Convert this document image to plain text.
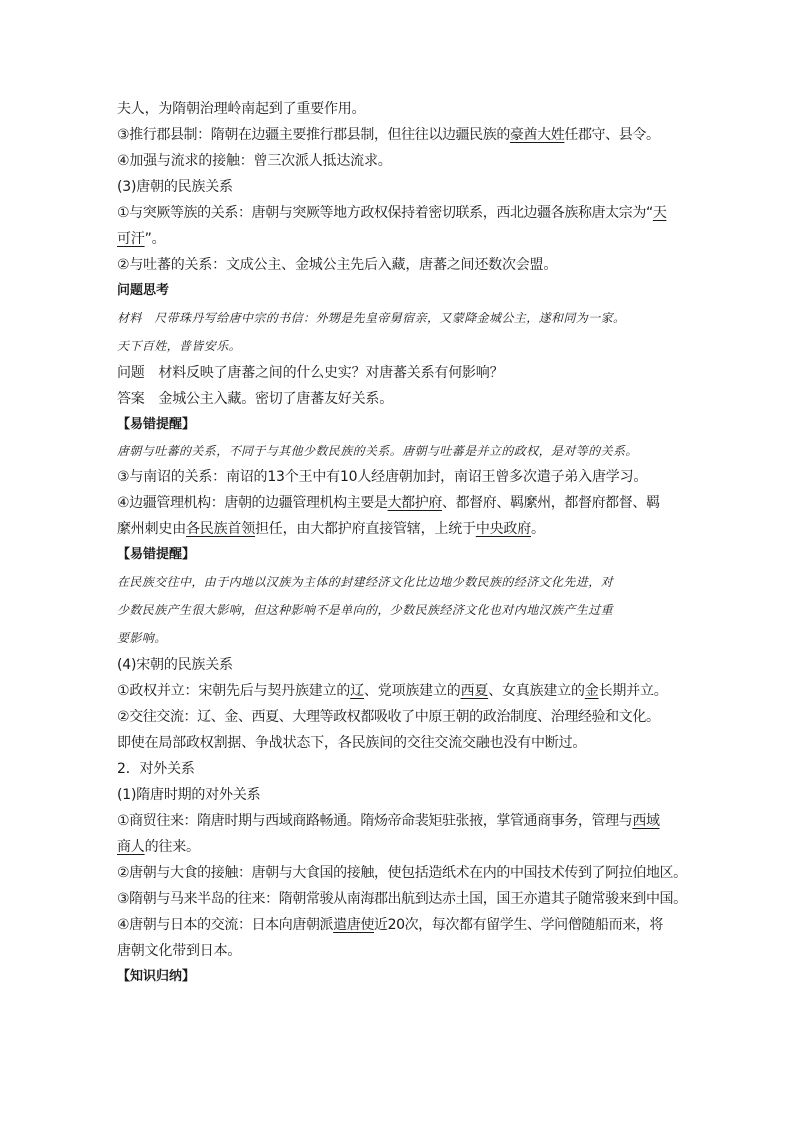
夫人，为隋朝治理岭南起到了重要作用。
③推行郡县制：隋朝在边疆主要推行郡县制，但往往以边疆民族的豪酋大姓任郡守、县令。
④加强与流求的接触：曾三次派人抵达流求。
(3)唐朝的民族关系
①与突厥等族的关系：唐朝与突厥等地方政权保持着密切联系，西北边疆各族称唐太宗为“天
可汗”。
②与吐蕃的关系：文成公主、金城公主先后入藏，唐蕃之间还数次会盟。
问题思考
材料　尺带珠丹写给唐中宗的书信：外甥是先皇帝舅宿亲，又蒙降金城公主，遂和同为一家。
天下百姓，普皆安乐。
问题　材料反映了唐蕃之间的什么史实？对唐蕃关系有何影响？
答案　金城公主入藏。密切了唐蕃友好关系。
【易错提醒】
唐朝与吐蕃的关系，不同于与其他少数民族的关系。唐朝与吐蕃是并立的政权，是对等的关系。
③与南诏的关系：南诏的13个王中有10人经唐朝加封，南诏王曾多次遣子弟入唐学习。
④边疆管理机构：唐朝的边疆管理机构主要是大都护府、都督府、羁縻州，都督府都督、羁
縻州刺史由各民族首领担任，由大都护府直接管辖，上统于中央政府。
【易错提醒】
在民族交往中，由于内地以汉族为主体的封建经济文化比边地少数民族的经济文化先进，对
少数民族产生很大影响，但这种影响不是单向的，少数民族经济文化也对内地汉族产生过重
要影响。
(4)宋朝的民族关系
①政权并立：宋朝先后与契丹族建立的辽、党项族建立的西夏、女真族建立的金长期并立。
②交往交流：辽、金、西夏、大理等政权都吸收了中原王朝的政治制度、治理经验和文化。
即使在局部政权割据、争战状态下，各民族间的交往交流交融也没有中断过。
2．对外关系
(1)隋唐时期的对外关系
①商贸往来：隋唐时期与西域商路畅通。隋炀帝命裴矩驻张掖，掌管通商事务，管理与西域
商人的往来。
②唐朝与大食的接触：唐朝与大食国的接触，使包括造纸术在内的中国技术传到了阿拉伯地区。
③隋朝与马来半岛的往来：隋朝常骏从南海郡出航到达赤土国，国王亦遣其子随常骏来到中国。
④唐朝与日本的交流：日本向唐朝派遣唐使近20次，每次都有留学生、学问僧随船而来，将
唐朝文化带到日本。
【知识归纳】
